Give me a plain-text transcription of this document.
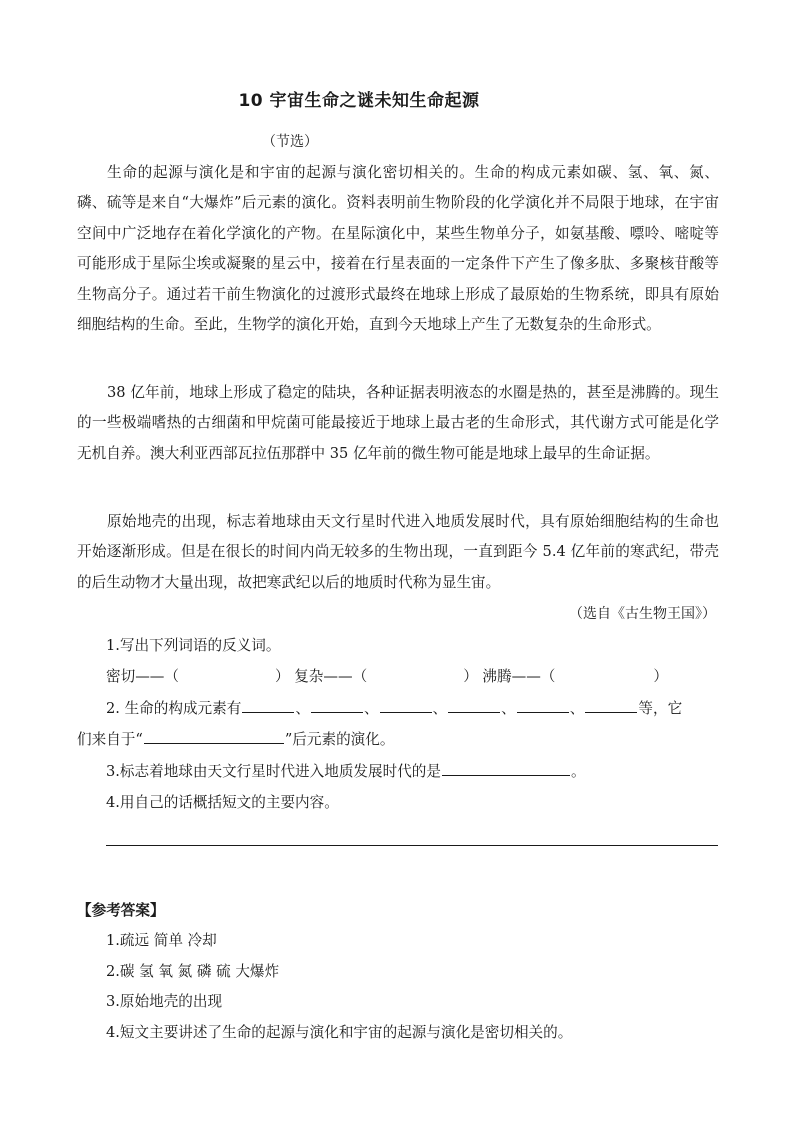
10 宇宙生命之谜未知生命起源
（节选）

生命的起源与演化是和宇宙的起源与演化密切相关的。生命的构成元素如碳、氢、氧、氮、磷、硫等是来自“大爆炸”后元素的演化。资料表明前生物阶段的化学演化并不局限于地球，在宇宙空间中广泛地存在着化学演化的产物。在星际演化中，某些生物单分子，如氨基酸、嘌呤、嘧啶等可能形成于星际尘埃或凝聚的星云中，接着在行星表面的一定条件下产生了像多肽、多聚核苷酸等生物高分子。通过若干前生物演化的过渡形式最终在地球上形成了最原始的生物系统，即具有原始细胞结构的生命。至此，生物学的演化开始，直到今天地球上产生了无数复杂的生命形式。

38 亿年前，地球上形成了稳定的陆块，各种证据表明液态的水圈是热的，甚至是沸腾的。现生的一些极端嗜热的古细菌和甲烷菌可能最接近于地球上最古老的生命形式，其代谢方式可能是化学无机自养。澳大利亚西部瓦拉伍那群中 35 亿年前的微生物可能是地球上最早的生命证据。

原始地壳的出现，标志着地球由天文行星时代进入地质发展时代，具有原始细胞结构的生命也开始逐渐形成。但是在很长的时间内尚无较多的生物出现，一直到距今 5.4 亿年前的寒武纪，带壳的后生动物才大量出现，故把寒武纪以后的地质时代称为显生宙。

（选自《古生物王国》）
1.写出下列词语的反义词。
密切——（	） 复杂——（	） 沸腾——（	）
2. 生命的构成元素有	、	、	、	、	、	等，它
们来自于“	”后元素的演化。
3.标志着地球由天文行星时代进入地质发展时代的是	。
4.用自己的话概括短文的主要内容。
【参考答案】
1.疏远 简单 冷却
2.碳 氢 氧 氮 磷 硫 大爆炸
3.原始地壳的出现
4.短文主要讲述了生命的起源与演化和宇宙的起源与演化是密切相关的。
